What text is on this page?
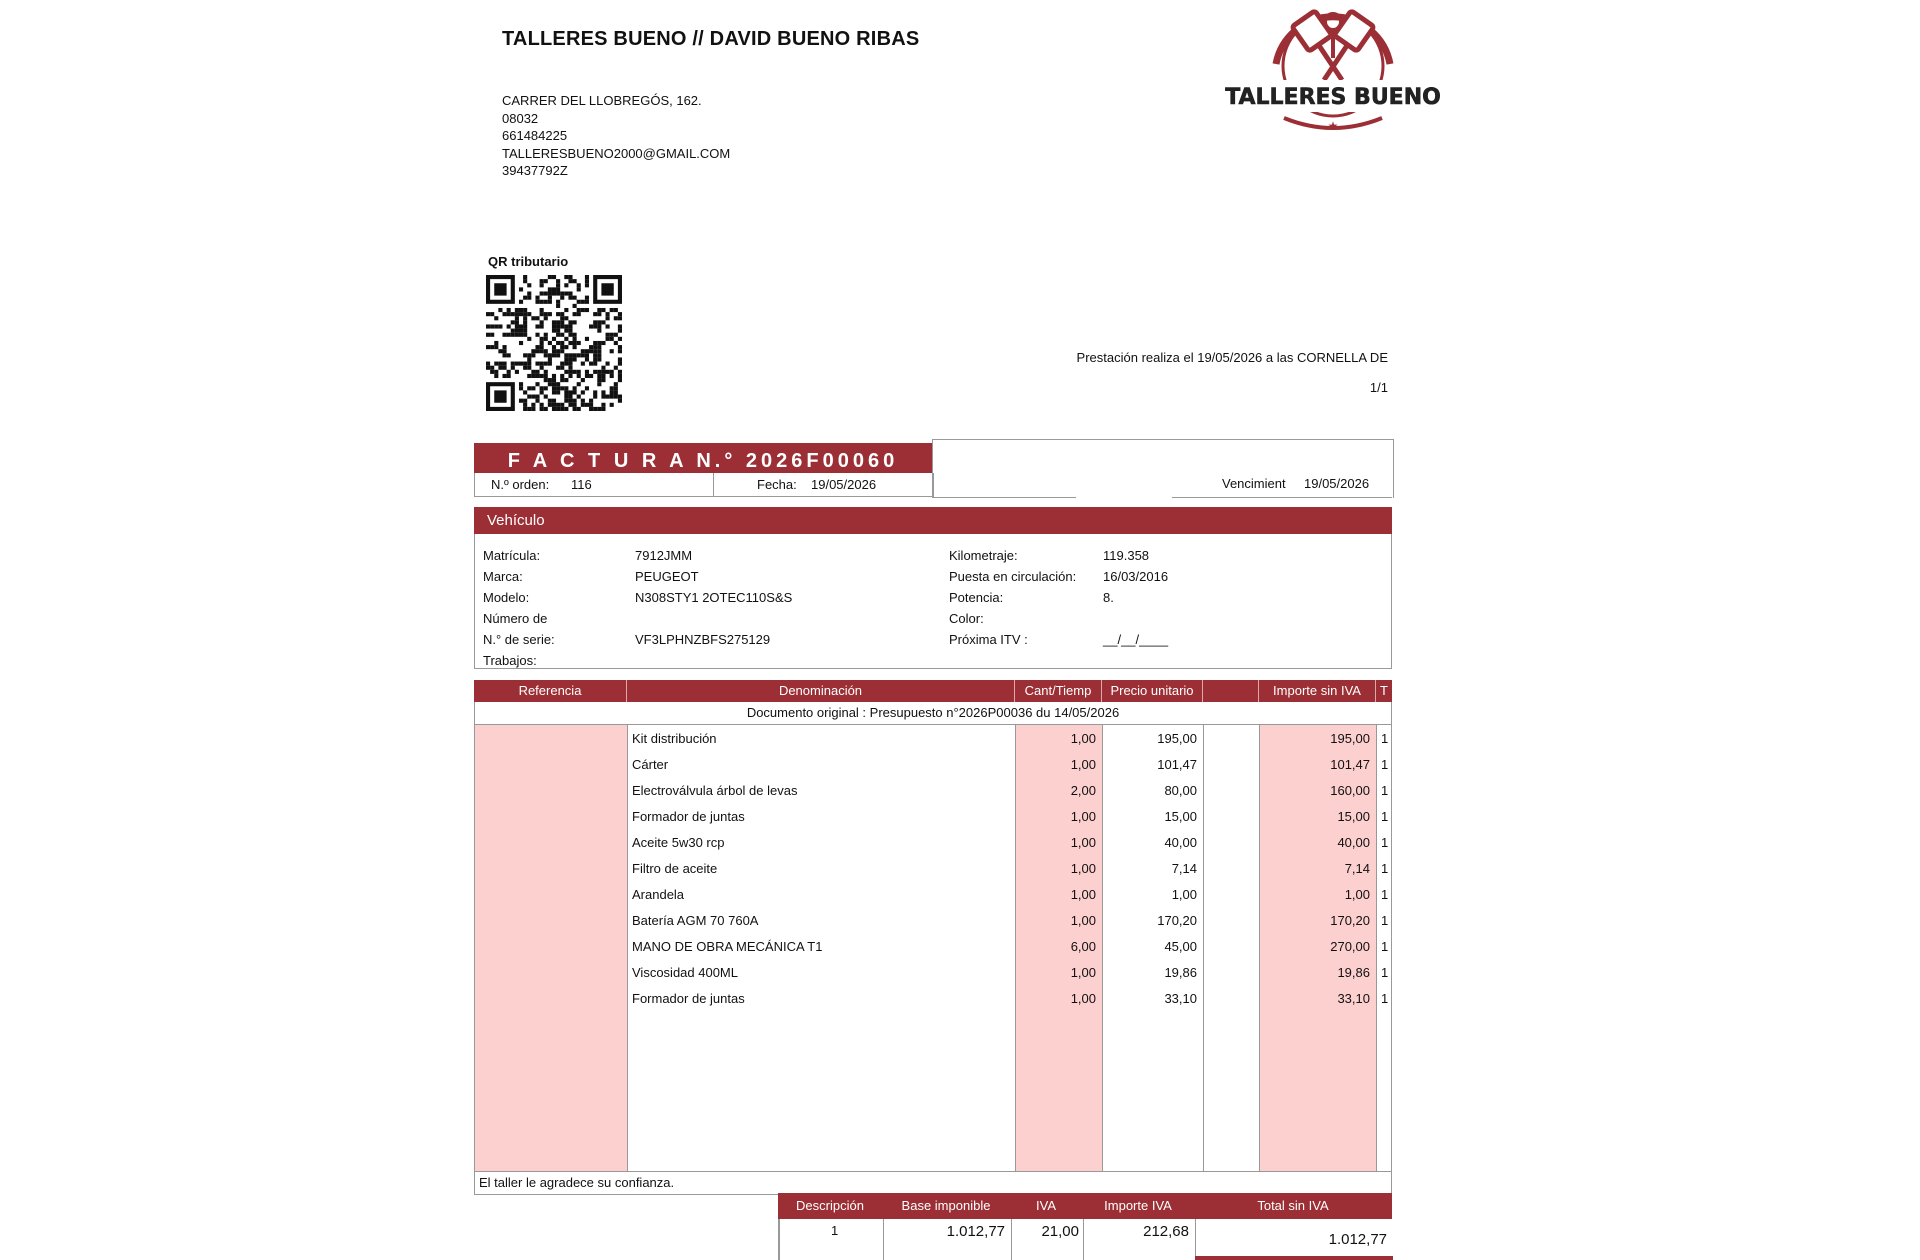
TALLERES BUENO // DAVID BUENO RIBAS
CARRER DEL LLOBREGÓS, 162.
08032
661484225
TALLERESBUENO2000@GMAIL.COM
39437792Z
TALLERES BUENO
★
QR tributario
Prestación realiza el 19/05/2026 a las CORNELLA DE
1/1
F A C T U R A N.° 2026F00060
N.º orden: 116	Fecha: 19/05/2026	Vencimient 19/05/2026
Vehículo
Matrícula:	7912JMM
Marca:	PEUGEOT
Modelo:	N308STY1 2OTEC110S&S
Número de
N.° de serie:	VF3LPHNZBFS275129
Trabajos:
Kilometraje:	119.358
Puesta en circulación: 16/03/2016
Potencia:	8.
Color:
Próxima ITV :	__/__/____
Referencia	Denominación	Cant/Tiemp	Precio unitario	Importe sin IVA	T
Documento original : Presupuesto n°2026P00036 du 14/05/2026
Kit distribución	1,00	195,00	195,00 1
Cárter	1,00	101,47	101,47 1
Electroválvula árbol de levas	2,00	80,00	160,00 1
Formador de juntas	1,00	15,00	15,00 1
Aceite 5w30 rcp	1,00	40,00	40,00 1
Filtro de aceite	1,00	7,14	7,14 1
Arandela	1,00	1,00	1,00 1
Batería AGM 70 760A	1,00	170,20	170,20 1
MANO DE OBRA MECÁNICA T1	6,00	45,00	270,00 1
Viscosidad 400ML	1,00	19,86	19,86 1
Formador de juntas	1,00	33,10	33,10 1
El taller le agradece su confianza.
Descripción	Base imponible	IVA	Importe IVA	Total sin IVA
1	1.012,77	21,00	212,68	1.012,77
